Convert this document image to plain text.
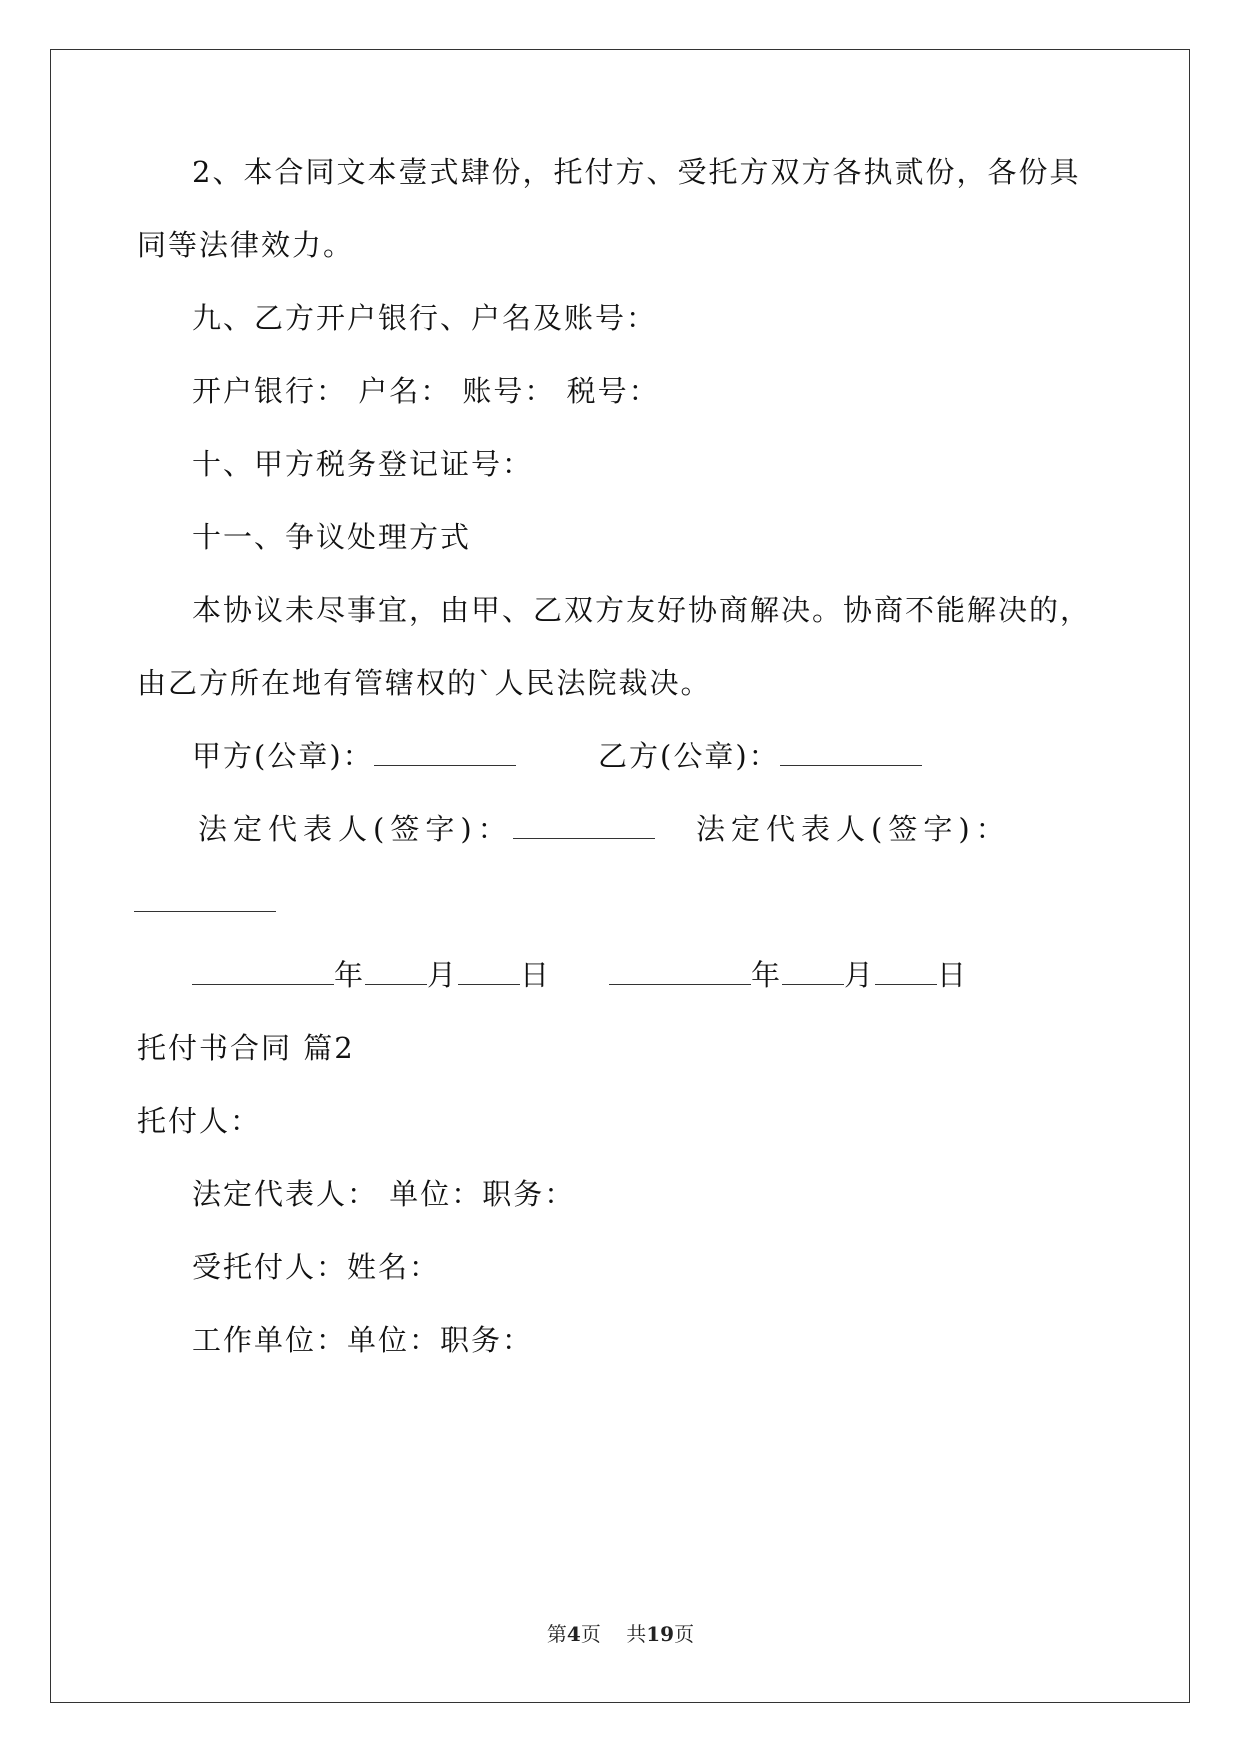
2、本合同文本壹式肆份，托付方、受托方双方各执贰份，各份具
同等法律效力。
九、乙方开户银行、户名及账号：
开户银行： 户名： 账号： 税号：
十、甲方税务登记证号：
十一、争议处理方式
本协议未尽事宜，由甲、乙双方友好协商解决。协商不能解决的，
由乙方所在地有管辖权的`人民法院裁决。
甲方(公章)：	乙方(公章)：
法定代表人(签字)：	法定代表人(签字)：
年 月 日	年 月 日
托付书合同 篇2
托付人：
法定代表人： 单位：职务：
受托付人：姓名：
工作单位：单位：职务：
第4页    共19页
